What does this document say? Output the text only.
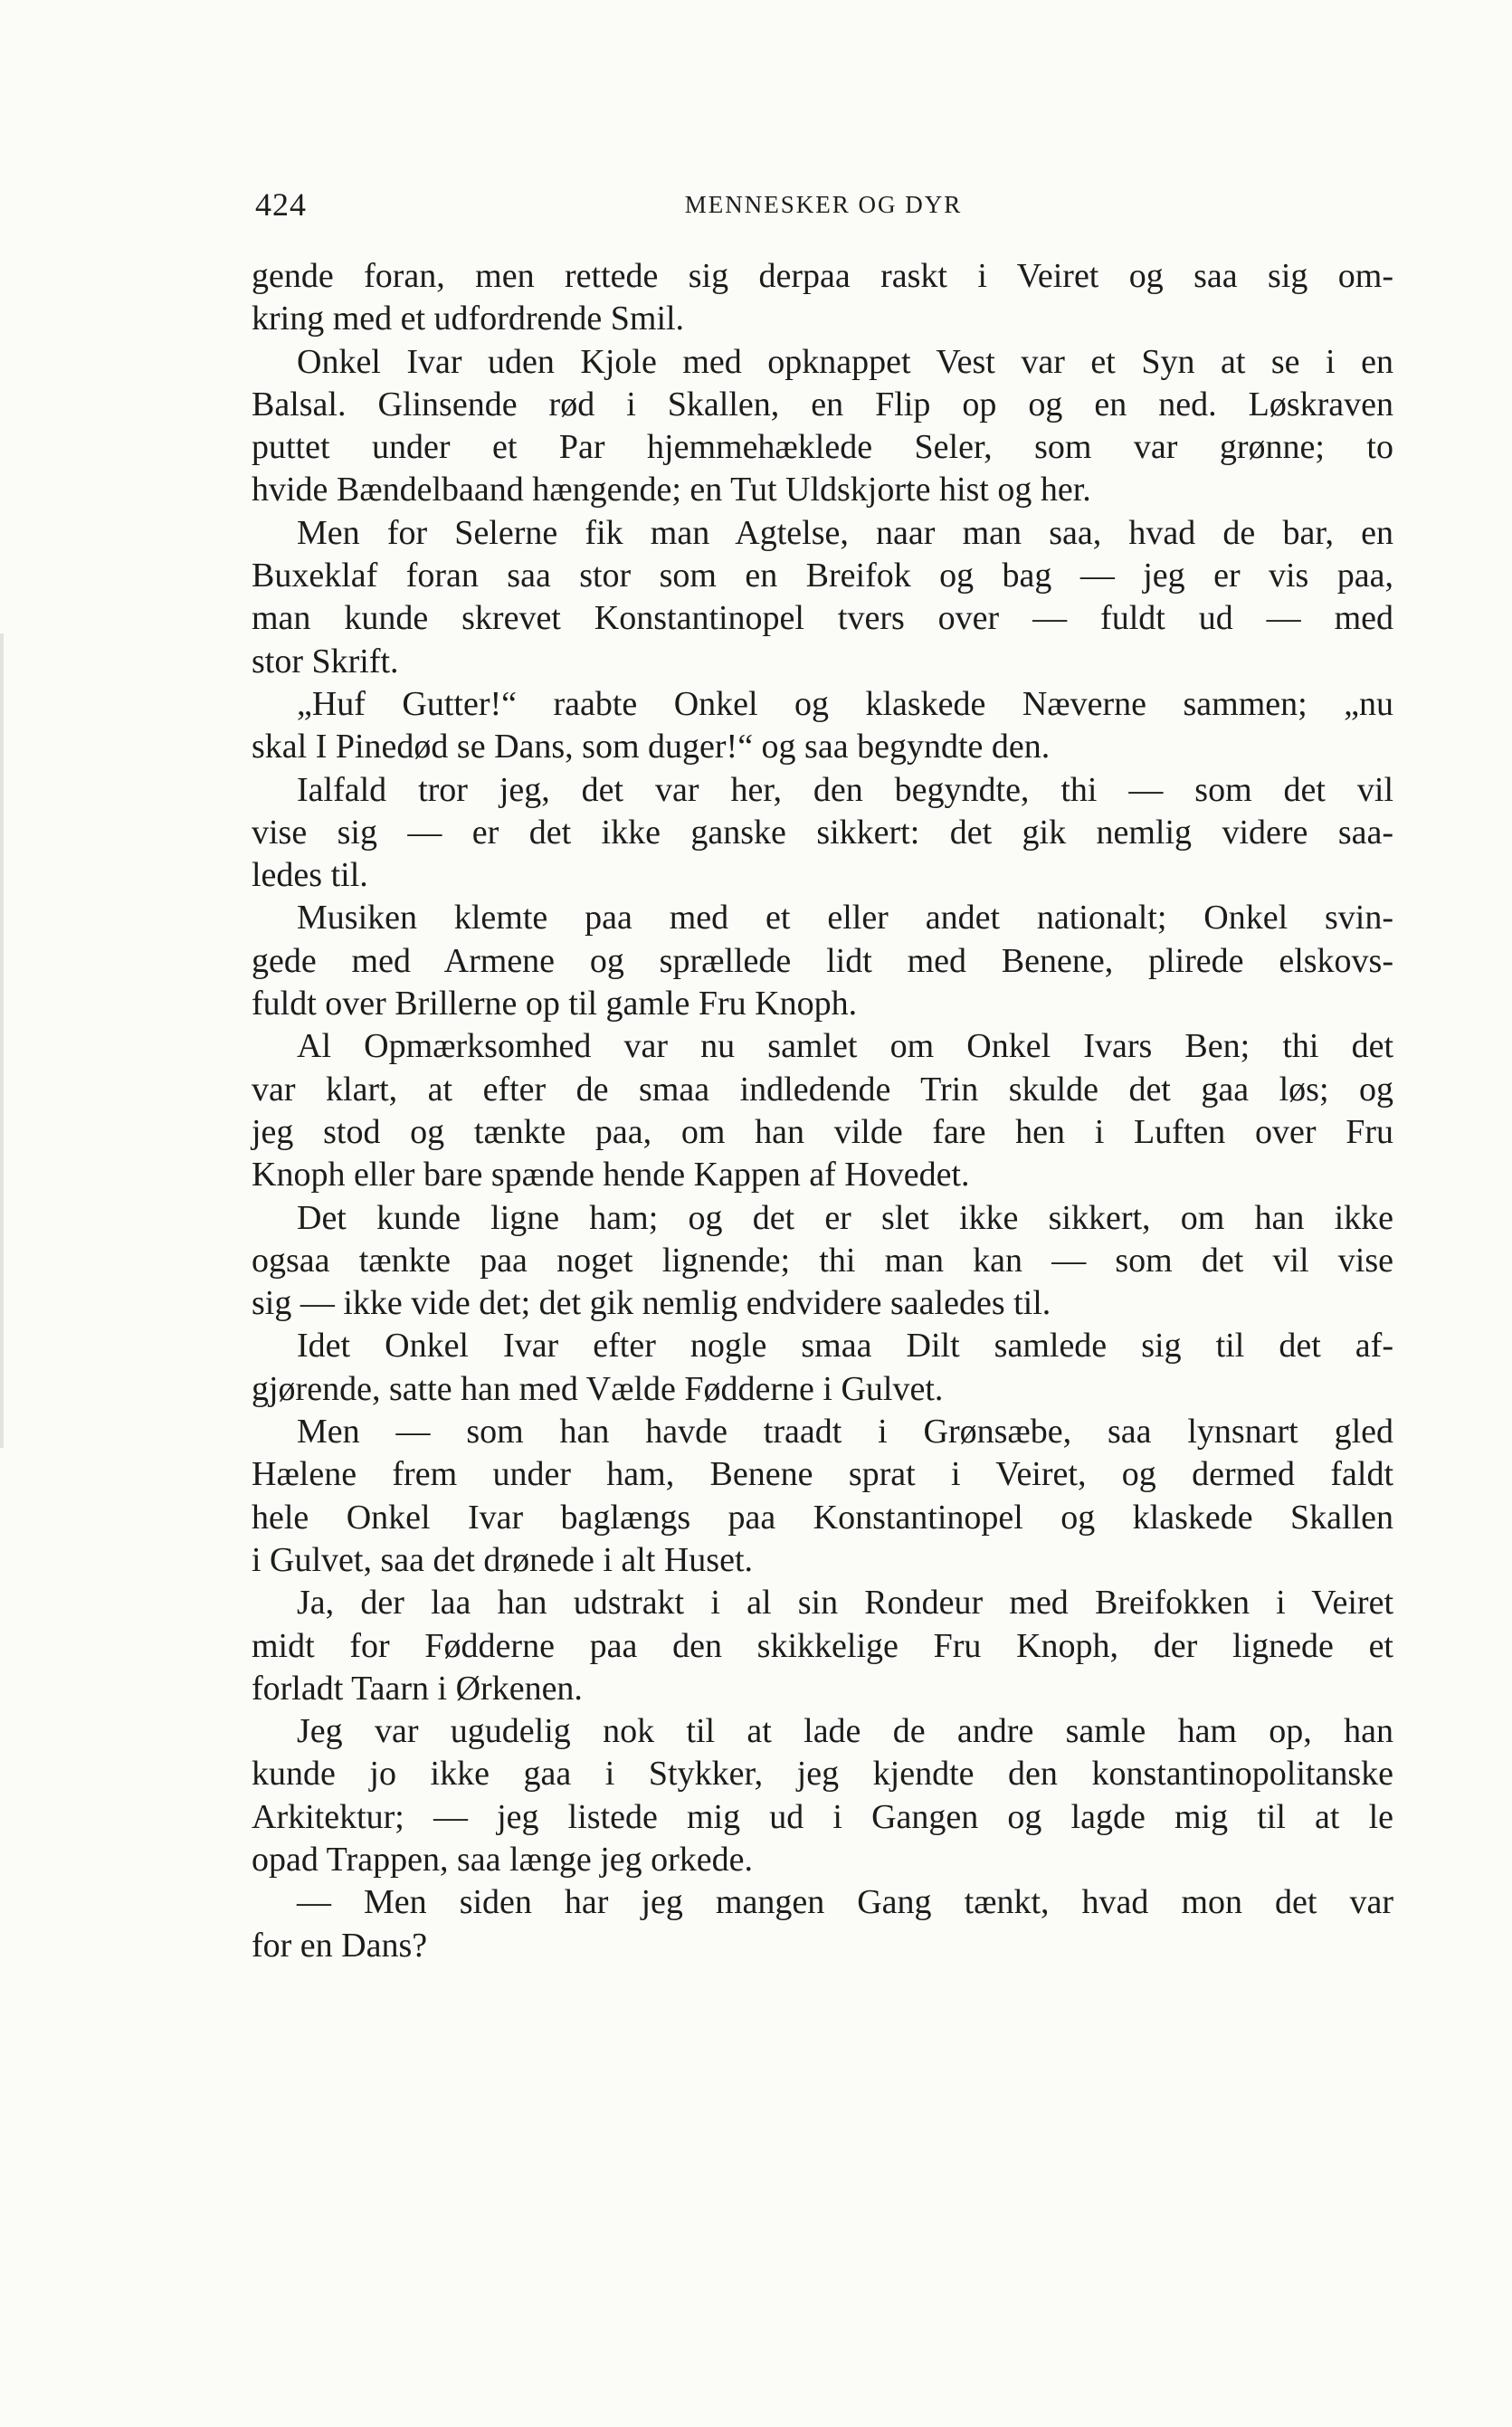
424	MENNESKER OG DYR
gende foran, men rettede sig derpaa raskt i Veiret og saa sig om-
kring med et udfordrende Smil.
Onkel Ivar uden Kjole med opknappet Vest var et Syn at se i en
Balsal. Glinsende rød i Skallen, en Flip op og en ned. Løskraven
puttet under et Par hjemmehæklede Seler, som var grønne; to
hvide Bændelbaand hængende; en Tut Uldskjorte hist og her.
Men for Selerne fik man Agtelse, naar man saa, hvad de bar, en
Buxeklaf foran saa stor som en Breifok og bag — jeg er vis paa,
man kunde skrevet Konstantinopel tvers over — fuldt ud — med
stor Skrift.
„Huf Gutter!“ raabte Onkel og klaskede Næverne sammen; „nu
skal I Pinedød se Dans, som duger!“ og saa begyndte den.
Ialfald tror jeg, det var her, den begyndte, thi — som det vil
vise sig — er det ikke ganske sikkert: det gik nemlig videre saa-
ledes til.
Musiken klemte paa med et eller andet nationalt; Onkel svin-
gede med Armene og sprællede lidt med Benene, plirede elskovs-
fuldt over Brillerne op til gamle Fru Knoph.
Al Opmærksomhed var nu samlet om Onkel Ivars Ben; thi det
var klart, at efter de smaa indledende Trin skulde det gaa løs; og
jeg stod og tænkte paa, om han vilde fare hen i Luften over Fru
Knoph eller bare spænde hende Kappen af Hovedet.
Det kunde ligne ham; og det er slet ikke sikkert, om han ikke
ogsaa tænkte paa noget lignende; thi man kan — som det vil vise
sig — ikke vide det; det gik nemlig endvidere saaledes til.
Idet Onkel Ivar efter nogle smaa Dilt samlede sig til det af-
gjørende, satte han med Vælde Fødderne i Gulvet.
Men — som han havde traadt i Grønsæbe, saa lynsnart gled
Hælene frem under ham, Benene sprat i Veiret, og dermed faldt
hele Onkel Ivar baglængs paa Konstantinopel og klaskede Skallen
i Gulvet, saa det drønede i alt Huset.
Ja, der laa han udstrakt i al sin Rondeur med Breifokken i Veiret
midt for Fødderne paa den skikkelige Fru Knoph, der lignede et
forladt Taarn i Ørkenen.
Jeg var ugudelig nok til at lade de andre samle ham op, han
kunde jo ikke gaa i Stykker, jeg kjendte den konstantinopolitanske
Arkitektur; — jeg listede mig ud i Gangen og lagde mig til at le
opad Trappen, saa længe jeg orkede.
— Men siden har jeg mangen Gang tænkt, hvad mon det var
for en Dans?
